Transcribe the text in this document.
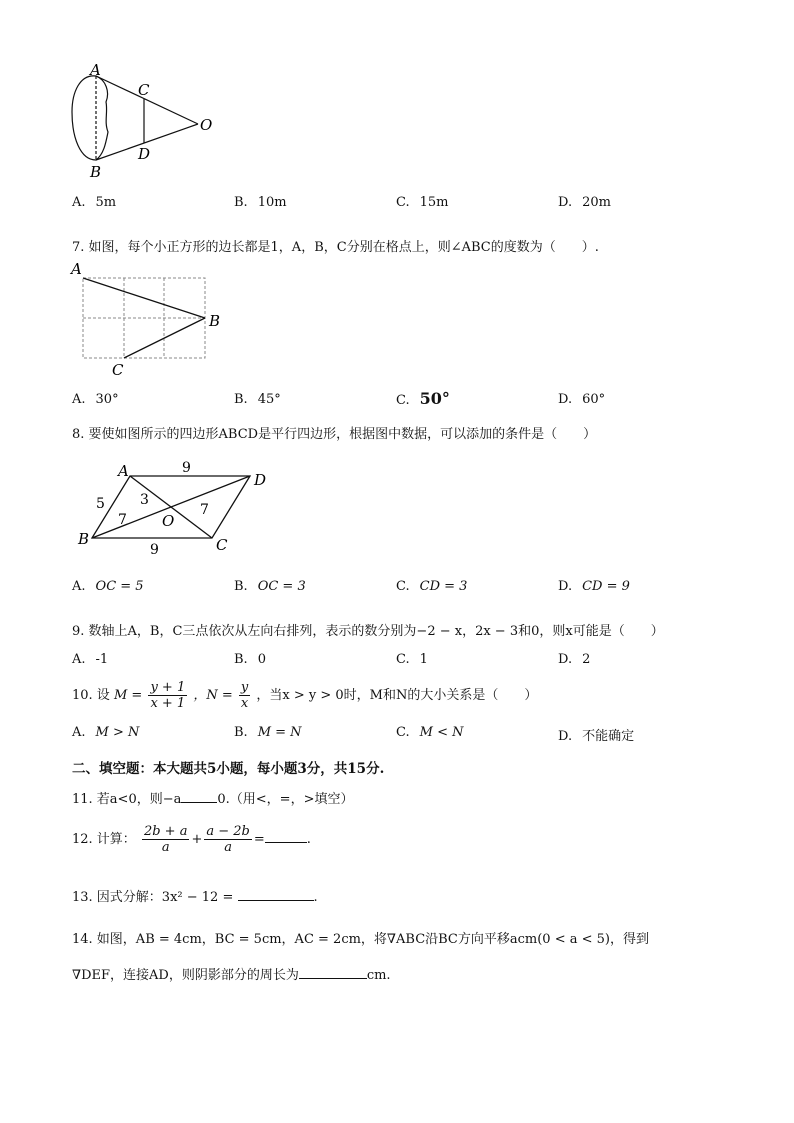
A
B
C
D
O
A. 5m	B. 10m	C. 15m	D. 20m
7. 如图，每个小正方形的边长都是1，A，B，C分别在格点上，则∠ABC的度数为（　　）.
A
B
C
A. 30°	B. 45°	C. 50°	D. 60°
8. 要使如图所示的四边形ABCD是平行四边形，根据图中数据，可以添加的条件是（　　）
A	D
B	C
O
9
9
5	3
7
7
A. OC = 5	B. OC = 3	C. CD = 3	D. CD = 9
9. 数轴上A，B，C三点依次从左向右排列，表示的数分别为−2 − x，2x − 3和0，则x可能是（　　）
A. -1	B. 0	C. 1	D. 2
10. 设 $M = \frac{y + 1}{x + 1}$ ，$N = \frac{y}{x}$ ，当x > y > 0时，M和N的大小关系是（　　）
A. M > N	B. M = N	C. M < N	D. 不能确定
二、填空题：本大题共5小题，每小题3分，共15分.
11. 若a<0，则−a	0.（用<，=，>填空）
12. 计算： $\frac{2b + a}{a} + \frac{a - 2b}{a}$ =	.
13. 因式分解：3x² − 12 =	.
14. 如图，AB = 4cm，BC = 5cm，AC = 2cm，将∇ABC沿BC方向平移acm(0 < a < 5)，得到
∇DEF，连接AD，则阴影部分的周长为	cm.
